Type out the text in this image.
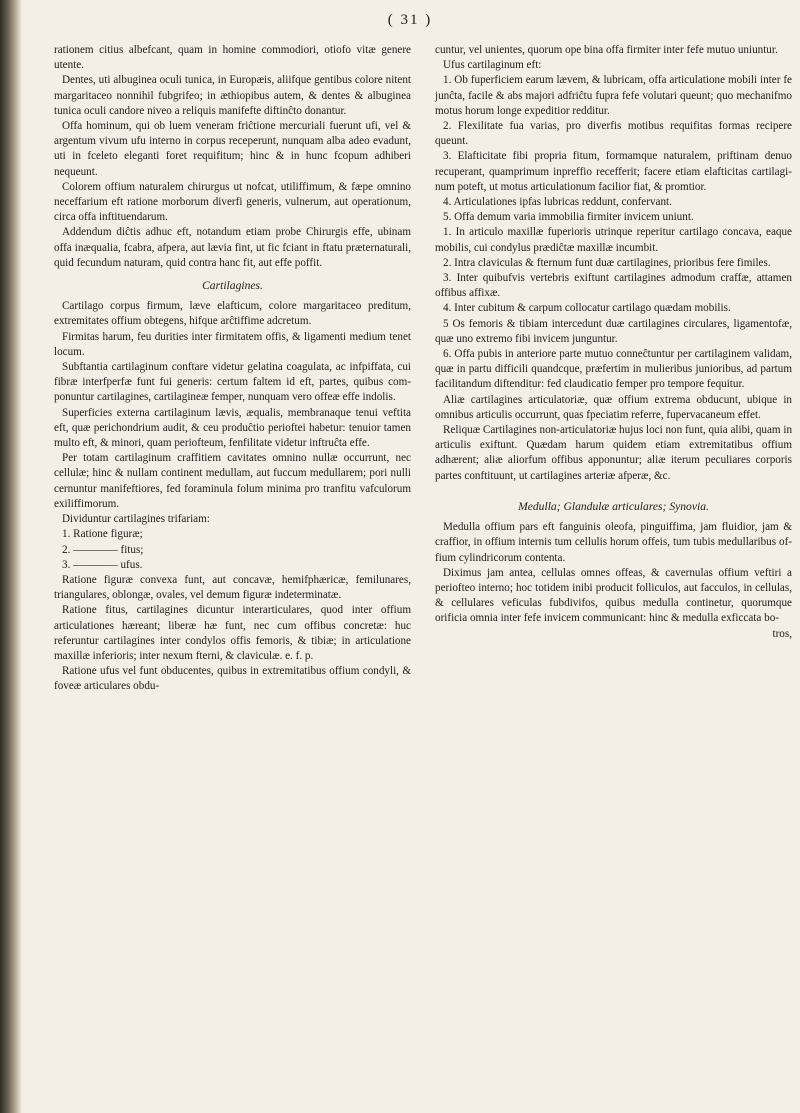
( 31 )

rationem citius albefcant, quam in homine commodiori, otiofo vitæ genere utente.

Dentes, uti albuginea oculi tunica, in Europæis, aliifque gentibus colore nitent margaritaceo nonnihil fubgrifeo; in æthiopibus autem, & dentes & albuginea tunica oculi candore niveo a reliquis manifefte diftinĉto donantur.

Offa hominum, qui ob luem veneram friĉtione mercuriali fuerunt ufi, vel & argentum vivum ufu interno in corpus receperunt, nunquam alba adeo evadunt, uti in fceleto eleganti foret requifitum; hinc & in hunc fcopum adhiberi nequeunt.

Colorem offium naturalem chirurgus ut nofcat, utiliffimum, & fæpe omnino neceffarium eft ratione morborum diverfi generis, vulnerum, aut operationum, circa offa inftituendarum.

Addendum diĉtis adhuc eft, notandum etiam probe Chirurgis effe, ubinam offa inæqualia, fcabra, afpera, aut lævia fint, ut fic fciant in ftatu præternaturali, quid fecundum naturam, quid contra hanc fit, aut effe poffit.

Cartilagines.

Cartilago corpus firmum, læve elafticum, colore margaritaceo preditum, extremitates offium obtegens, hifque arĉtiffime adcretum.

Firmitas harum, feu durities inter firmitatem offis, & ligamenti medium tenet locum.

Subftantia cartilaginum conftare videtur gelatina coagulata, ac infpiffata, cui fibræ interfperfæ funt fui generis: certum faltem id eft, partes, quibus componuntur cartilagines, cartilagineæ femper, nunquam vero offeæ effe indolis.

Superficies externa cartilaginum lævis, æqualis, membranaque tenui veftita eft, quæ perichondrium audit, & ceu produĉtio perioftei habetur: tenuior tamen multo eft, & minori, quam periofteum, fenfilitate videtur inftruĉta effe.

Per totam cartilaginum craffitiem cavitates omnino nullæ occurrunt, nec cellulæ; hinc & nullam continent medullam, aut fuccum medullarem; pori nulli cernuntur manifeftiores, fed foraminula folum minima pro tranfitu vafculorum exiliffimorum.

Dividuntur cartilagines trifariam:

1. Ratione figuræ;

2. ———— fitus;

3. ———— ufus.

Ratione figuræ convexa funt, aut concavæ, hemifphæricæ, femilunares, triangulares, oblongæ, ovales, vel demum figuræ indeterminatæ.

Ratione fitus, cartilagines dicuntur interarticulares, quod inter offium articulationes hæreant; liberæ hæ funt, nec cum offibus concretæ: huc referuntur cartilagines inter condylos offis femoris, & tibiæ; in articulatione maxillæ inferioris; inter nexum fterni, & claviculæ. e. f. p.

Ratione ufus vel funt obducentes, quibus in extremitatibus offium condyli, & foveæ articulares obdu-

cuntur, vel unientes, quorum ope bina offa firmiter inter fefe mutuo uniuntur.

Ufus cartilaginum eft:

1. Ob fuperficiem earum lævem, & lubricam, offa articulatione mobili inter fe junĉta, facile & abs majori adfriĉtu fupra fefe volutari queunt; quo mechanifmo motus horum longe expeditior redditur.

2. Flexilitate fua varias, pro diverfis motibus requifitas formas recipere queunt.

3. Elafticitate fibi propria fitum, formamque naturalem, priftinam denuo recuperant, quamprimum inpreffio recefferit; facere etiam elafticitas cartilaginum poteft, ut motus articulationum facilior fiat, & promtior.

4. Articulationes ipfas lubricas reddunt, confervant.

5. Offa demum varia immobilia firmiter invicem uniunt.

1. In articulo maxillæ fuperioris utrinque reperitur cartilago concava, eaque mobilis, cui condylus prædiĉtæ maxillæ incumbit.

2. Intra claviculas & fternum funt duæ cartilagines, prioribus fere fimiles.

3. Inter quibufvis vertebris exiftunt cartilagines admodum craffæ, attamen offibus affixæ.

4. Inter cubitum & carpum collocatur cartilago quædam mobilis.

5 Os femoris & tibiam intercedunt duæ cartilagines circulares, ligamentofæ, quæ uno extremo fibi invicem junguntur.

6. Offa pubis in anteriore parte mutuo conneĉtuntur per cartilaginem validam, quæ in partu difficili quandcque, præfertim in mulieribus junioribus, ad partum facilitandum diftenditur: fed claudicatio femper pro tempore fequitur.

Aliæ cartilagines articulatoriæ, quæ offium extrema obducunt, ubique in omnibus articulis occurrunt, quas fpeciatim referre, fupervacaneum effet.

Reliquæ Cartilagines non-articulatoriæ hujus loci non funt, quia alibi, quam in articulis exiftunt. Quædam harum quidem etiam extremitatibus offium adhærent; aliæ aliorfum offibus apponuntur; aliæ iterum peculiares corporis partes conftituunt, ut cartilagines arteriæ afperæ, &c.

Medulla; Glandulæ articulares; Synovia.

Medulla offium pars eft fanguinis oleofa, pinguiffima, jam fluidior, jam & craffior, in offium internis tum cellulis horum offeis, tum tubis medullaribus offium cylindricorum contenta.

Diximus jam antea, cellulas omnes offeas, & cavernulas offium veftiri a periofteo interno; hoc totidem inibi producit folliculos, aut facculos, in cellulas, & cellulares veficulas fubdivifos, quibus medulla continetur, quorumque orificia omnia inter fefe invicem communicant: hinc & medulla exficcata bo-

tros,
